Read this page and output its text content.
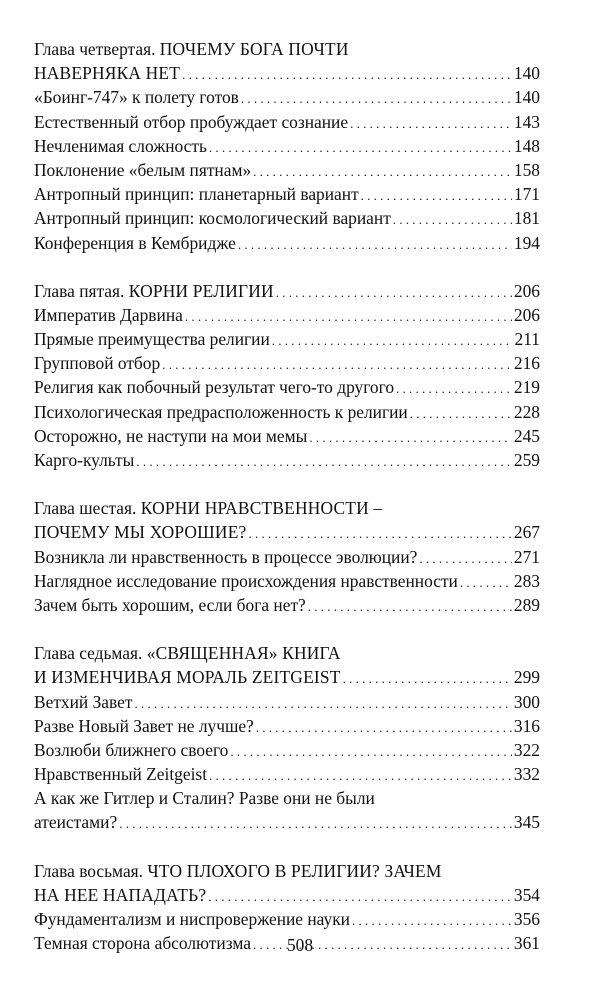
Глава четвертая. ПОЧЕМУ БОГА ПОЧТИ
НАВЕРНЯКА НЕТ . . .	140
«Боинг-747» к полету готов . . .	140
Естественный отбор пробуждает сознание . . .	143
Нечленимая сложность . . .	148
Поклонение «белым пятнам» . . .	158
Антропный принцип: планетарный вариант . . .	171
Антропный принцип: космологический вариант . . .	181
Конференция в Кембридже . . .	194
Глава пятая. КОРНИ РЕЛИГИИ . . .	206
Императив Дарвина . . .	206
Прямые преимущества религии . . .	211
Групповой отбор . . .	216
Религия как побочный результат чего-то другого . . .	219
Психологическая предрасположенность к религии . . .	228
Осторожно, не наступи на мои мемы . . .	245
Карго-культы . . .	259
Глава шестая. КОРНИ НРАВСТВЕННОСТИ –
ПОЧЕМУ МЫ ХОРОШИЕ? . . .	267
Возникла ли нравственность в процессе эволюции? . . .	271
Наглядное исследование происхождения нравственности . . .	283
Зачем быть хорошим, если бога нет? . . .	289
Глава седьмая. «СВЯЩЕННАЯ» КНИГА
И ИЗМЕНЧИВАЯ МОРАЛЬ ZEITGEIST . . .	299
Ветхий Завет . . .	300
Разве Новый Завет не лучше? . . .	316
Возлюби ближнего своего . . .	322
Нравственный Zeitgeist . . .	332
А как же Гитлер и Сталин? Разве они не были
атеистами? . . .	345
Глава восьмая. ЧТО ПЛОХОГО В РЕЛИГИИ? ЗАЧЕМ
НА НЕЕ НАПАДАТЬ? . . .	354
Фундаментализм и ниспровержение науки . . .	356
Темная сторона абсолютизма . . .	361
508
